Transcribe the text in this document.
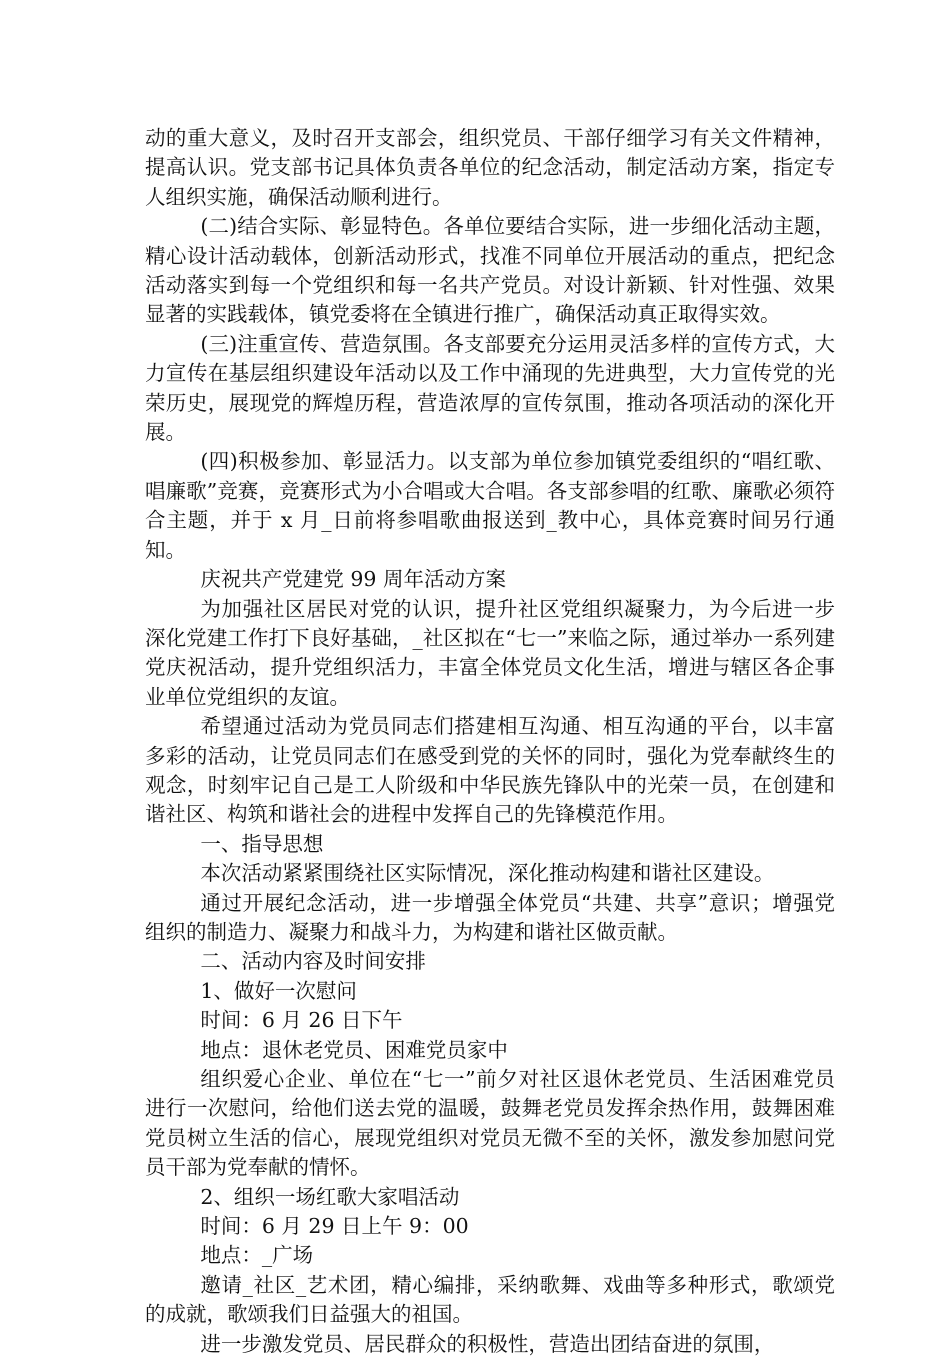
动的重大意义，及时召开支部会，组织党员、干部仔细学习有关文件精神，提高认识。党支部书记具体负责各单位的纪念活动，制定活动方案，指定专人组织实施，确保活动顺利进行。

(二)结合实际、彰显特色。各单位要结合实际，进一步细化活动主题，精心设计活动载体，创新活动形式，找准不同单位开展活动的重点，把纪念活动落实到每一个党组织和每一名共产党员。对设计新颖、针对性强、效果显著的实践载体，镇党委将在全镇进行推广，确保活动真正取得实效。

(三)注重宣传、营造氛围。各支部要充分运用灵活多样的宣传方式，大力宣传在基层组织建设年活动以及工作中涌现的先进典型，大力宣传党的光荣历史，展现党的辉煌历程，营造浓厚的宣传氛围，推动各项活动的深化开展。

(四)积极参加、彰显活力。以支部为单位参加镇党委组织的“唱红歌、唱廉歌”竞赛，竞赛形式为小合唱或大合唱。各支部参唱的红歌、廉歌必须符合主题，并于 x 月_日前将参唱歌曲报送到_教中心，具体竞赛时间另行通知。

庆祝共产党建党 99 周年活动方案

为加强社区居民对党的认识，提升社区党组织凝聚力，为今后进一步深化党建工作打下良好基础，_社区拟在“七一”来临之际，通过举办一系列建党庆祝活动，提升党组织活力，丰富全体党员文化生活，增进与辖区各企事业单位党组织的友谊。

希望通过活动为党员同志们搭建相互沟通、相互沟通的平台，以丰富多彩的活动，让党员同志们在感受到党的关怀的同时，强化为党奉献终生的观念，时刻牢记自己是工人阶级和中华民族先锋队中的光荣一员，在创建和谐社区、构筑和谐社会的进程中发挥自己的先锋模范作用。

一、指导思想

本次活动紧紧围绕社区实际情况，深化推动构建和谐社区建设。

通过开展纪念活动，进一步增强全体党员“共建、共享”意识；增强党组织的制造力、凝聚力和战斗力，为构建和谐社区做贡献。

二、活动内容及时间安排

1、做好一次慰问

时间：6 月 26 日下午

地点：退休老党员、困难党员家中

组织爱心企业、单位在“七一”前夕对社区退休老党员、生活困难党员进行一次慰问，给他们送去党的温暖，鼓舞老党员发挥余热作用，鼓舞困难党员树立生活的信心，展现党组织对党员无微不至的关怀，激发参加慰问党员干部为党奉献的情怀。

2、组织一场红歌大家唱活动

时间：6 月 29 日上午 9：00

地点：_广场

邀请_社区_艺术团，精心编排，采纳歌舞、戏曲等多种形式，歌颂党的成就，歌颂我们日益强大的祖国。

进一步激发党员、居民群众的积极性，营造出团结奋进的氛围，
